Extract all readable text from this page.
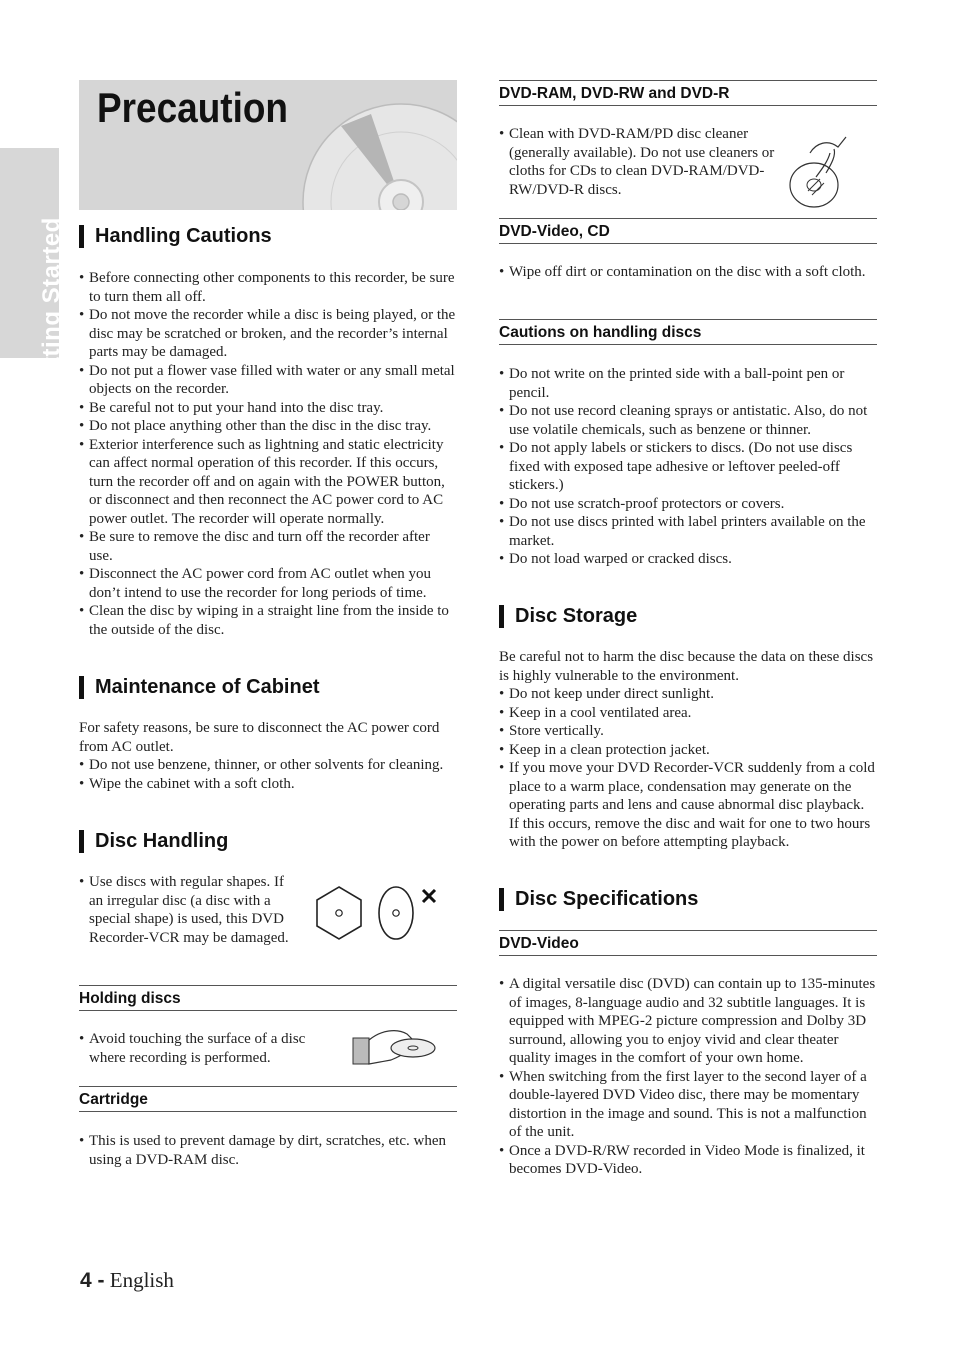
Getting Started
Precaution
Handling Cautions
• Before connecting other components to this recorder, be sure to turn them all off.
• Do not move the recorder while a disc is being played, or the disc may be scratched or broken, and the recorder’s internal parts may be damaged.
• Do not put a flower vase filled with water or any small metal objects on the recorder.
• Be careful not to put your hand into the disc tray.
• Do not place anything other than the disc in the disc tray.
• Exterior interference such as lightning and static electricity can affect normal operation of this recorder. If this occurs, turn the recorder off and on again with the POWER button, or disconnect and then reconnect the AC power cord to AC power outlet. The recorder will operate normally.
• Be sure to remove the disc and turn off the recorder after use.
• Disconnect the AC power cord from AC outlet when you don’t intend to use the recorder for long periods of time.
• Clean the disc by wiping in a straight line from the inside to the outside of the disc.
Maintenance of Cabinet

For safety reasons, be sure to disconnect the AC power cord from AC outlet.

• Do not use benzene, thinner, or other solvents for cleaning.
• Wipe the cabinet with a soft cloth.
Disc Handling
• Use discs with regular shapes. If an irregular disc (a disc with a special shape) is used, this DVD Recorder-VCR may be damaged.
Holding discs
• Avoid touching the surface of a disc where recording is performed.
Cartridge
• This is used to prevent damage by dirt, scratches, etc. when using a DVD-RAM disc.
DVD-RAM, DVD-RW and DVD-R
• Clean with DVD-RAM/PD disc cleaner (generally available). Do not use cleaners or cloths for CDs to clean DVD-RAM/DVD-RW/DVD-R discs.
DVD-Video, CD
• Wipe off dirt or contamination on the disc with a soft cloth.
Cautions on handling discs
• Do not write on the printed side with a ball-point pen or pencil.
• Do not use record cleaning sprays or antistatic. Also, do not use volatile chemicals, such as benzene or thinner.
• Do not apply labels or stickers to discs. (Do not use discs fixed with exposed tape adhesive or leftover peeled-off stickers.)
• Do not use scratch-proof protectors or covers.
• Do not use discs printed with label printers available on the market.
• Do not load warped or cracked discs.
Disc Storage

Be careful not to harm the disc because the data on these discs is highly vulnerable to the environment.

• Do not keep under direct sunlight.
• Keep in a cool ventilated area.
• Store vertically.
• Keep in a clean protection jacket.
• If you move your DVD Recorder-VCR suddenly from a cold place to a warm place, condensation may generate on the operating parts and lens and cause abnormal disc playback. If this occurs, remove the disc and wait for one to two hours with the power on before attempting playback.
Disc Specifications
DVD-Video
• A digital versatile disc (DVD) can contain up to 135-minutes of images, 8-language audio and 32 subtitle languages. It is equipped with MPEG-2 picture compression and Dolby 3D surround, allowing you to enjoy vivid and clear theater quality images in the comfort of your own home.
• When switching from the first layer to the second layer of a double-layered DVD Video disc, there may be momentary distortion in the image and sound. This is not a malfunction of the unit.
• Once a DVD-R/RW recorded in Video Mode is finalized, it becomes DVD-Video.
4 - English
